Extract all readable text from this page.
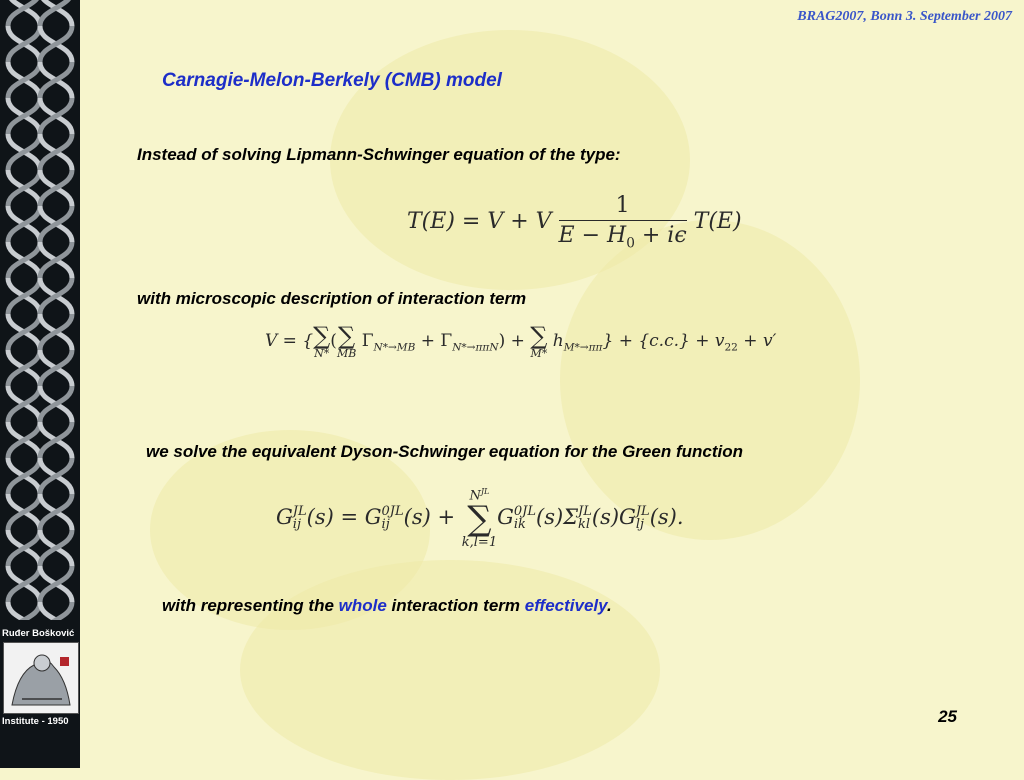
Ruđer Bošković
Institute - 1950
BRAG2007, Bonn 3. September 2007
Carnagie-Melon-Berkely (CMB) model
Instead of solving Lipmann-Schwinger equation of the type:
T(E) = V + V $\frac{1}{E - H_0 + i\epsilon} T(E)$
with microscopic description of interaction term
V = { ∑
N*
( ∑
MB
$\Gamma_{N*\to MB} + \Gamma_{N*\to\pi\pi N}$) + ∑
M*
$h_{M*\to\pi\pi}\} + \{c.c.\} + v_{22} + v'$
we solve the equivalent Dyson-Schwinger equation for the Green function
G JL
ij (s) = G 0JL
ij (s) +
$N^{JL}$
∑
k,l=1
G 0JL
ik (s)Σ JL
kl (s)G JL
lj (s).
with representing the whole interaction term effectively.
25
